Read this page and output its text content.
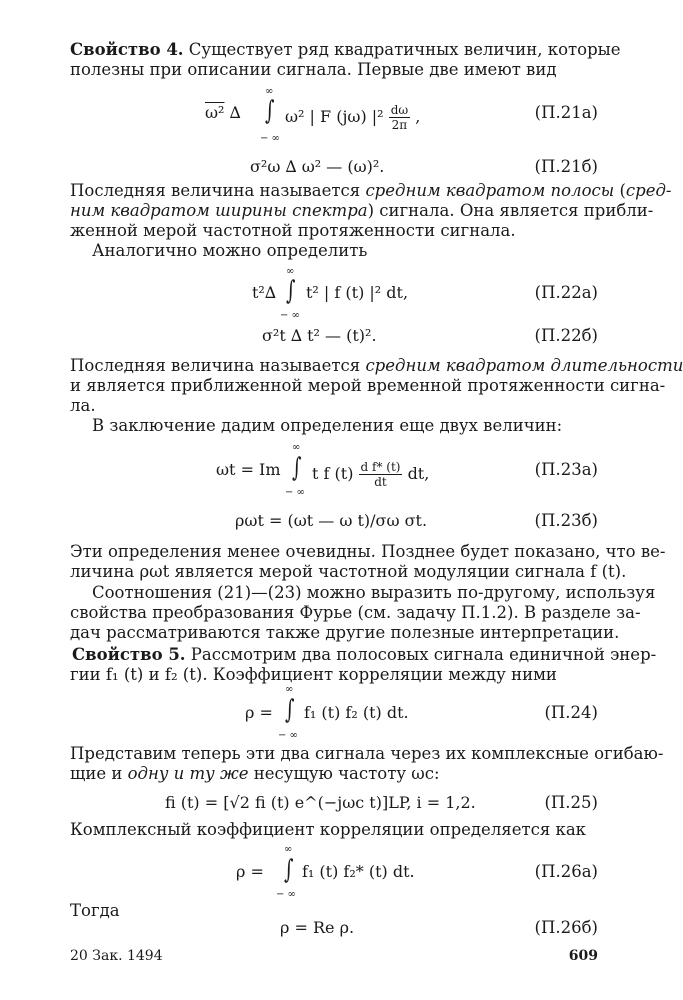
Свойство 4. Существует ряд квадратичных величин, которые
полезны при описании сигнала. Первые две имеют вид
ω² ∆
∞
∫
− ∞
ω² | F (jω) $|^2 \frac{d\omega}{2\pi}$ ,	(П.21а)
σ²ω ∆ ω² — (ω)².	(П.21б)
Последняя величина называется средним квадратом полосы (сред-
ним квадратом ширины спектра) сигнала. Она является прибли-
женной мерой частотной протяженности сигнала.
Аналогично можно определить
t²∆
∞
∫
− ∞
t² | f (t) |² dt,	(П.22а)
σ²t ∆ t² — (t)².	(П.22б)
Последняя величина называется средним квадратом длительности
и является приближенной мерой временной протяженности сигна-
ла.
В заключение дадим определения еще двух величин:
ωt = Im
∞
∫
− ∞
t f $(t) \frac{\text{d f* (t)}}{dt}$ dt,	(П.23а)
ρωt = (ωt — ω t)/σω σt.	(П.23б)
Эти определения менее очевидны. Позднее будет показано, что ве-
личина ρωt является мерой частотной модуляции сигнала f (t).
Соотношения (21)—(23) можно выразить по-другому, используя
свойства преобразования Фурье (см. задачу П.1.2). В разделе за-
дач рассматриваются также другие полезные интерпретации.
Свойство 5. Рассмотрим два полосовых сигнала единичной энер-
гии f₁ (t) и f₂ (t). Коэффициент корреляции между ними
ρ =
∞
∫
− ∞
f₁ (t) f₂ (t) dt.	(П.24)
Представим теперь эти два сигнала через их комплексные огибаю-
щие и одну и ту же несущую частоту ωc:
fi (t) = [√2 fi (t) e^(−jωc t)]LP, i = 1,2.	(П.25)
Комплексный коэффициент корреляции определяется как
ρ =
∞
∫
− ∞
f₁ (t) f₂* (t) dt.	(П.26а)
Тогда
ρ = Re ρ.	(П.26б)
20 Зак. 1494	609
